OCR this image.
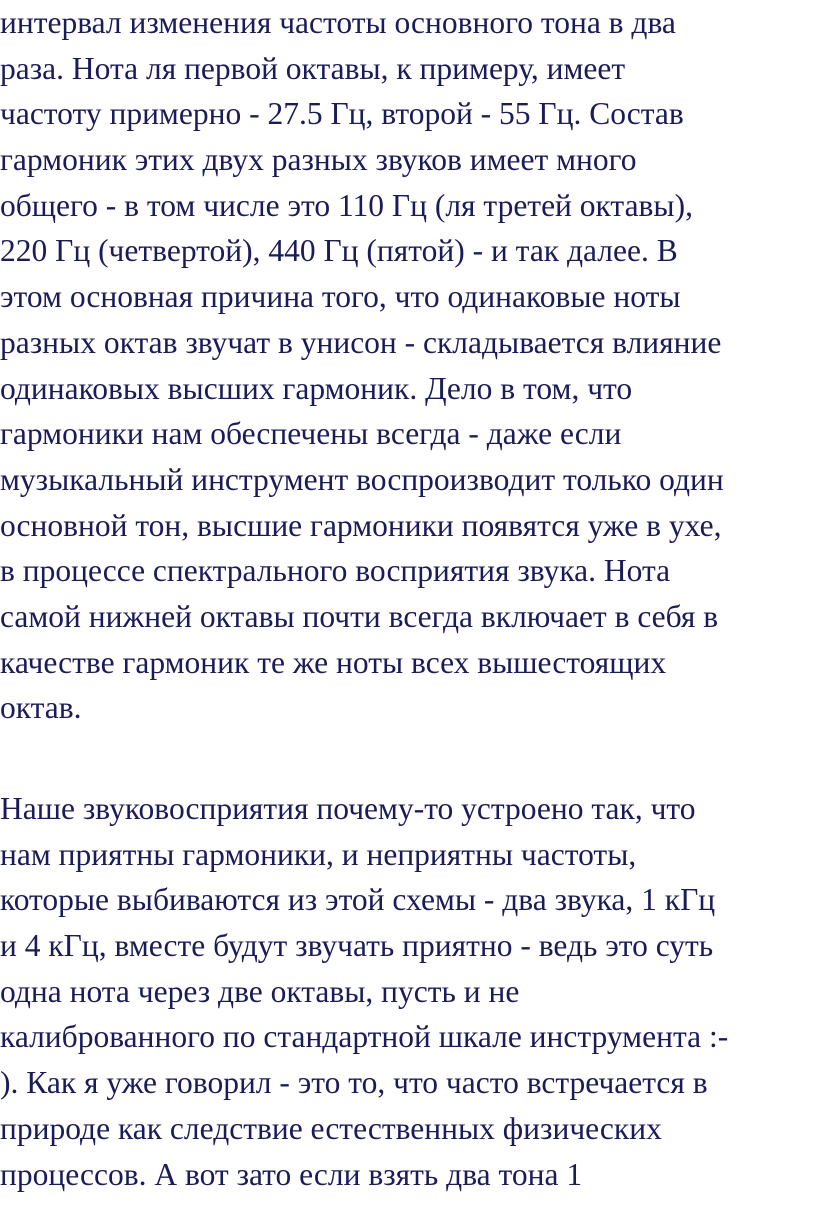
интервал изменения частоты основного тона в два
раза. Нота ля первой октавы, к примеру, имеет
частоту примерно - 27.5 Гц, второй - 55 Гц. Состав
гармоник этих двух разных звуков имеет много
общего - в том числе это 110 Гц (ля третей октавы),
220 Гц (четвертой), 440 Гц (пятой) - и так далее. В
этом основная причина того, что одинаковые ноты
разных октав звучат в унисон - складывается влияние
одинаковых высших гармоник. Дело в том, что
гармоники нам обеспечены всегда - даже если
музыкальный инструмент воспроизводит только один
основной тон, высшие гармоники появятся уже в ухе,
в процессе спектрального восприятия звука. Нота
самой нижней октавы почти всегда включает в себя в
качестве гармоник те же ноты всех вышестоящих
октав.
Наше звуковосприятия почему-то устроено так, что
нам приятны гармоники, и неприятны частоты,
которые выбиваются из этой схемы - два звука, 1 кГц
и 4 кГц, вместе будут звучать приятно - ведь это суть
одна нота через две октавы, пусть и не
калиброванного по стандартной шкале инструмента :-
). Как я уже говорил - это то, что часто встречается в
природе как следствие естественных физических
процессов. А вот зато если взять два тона 1
